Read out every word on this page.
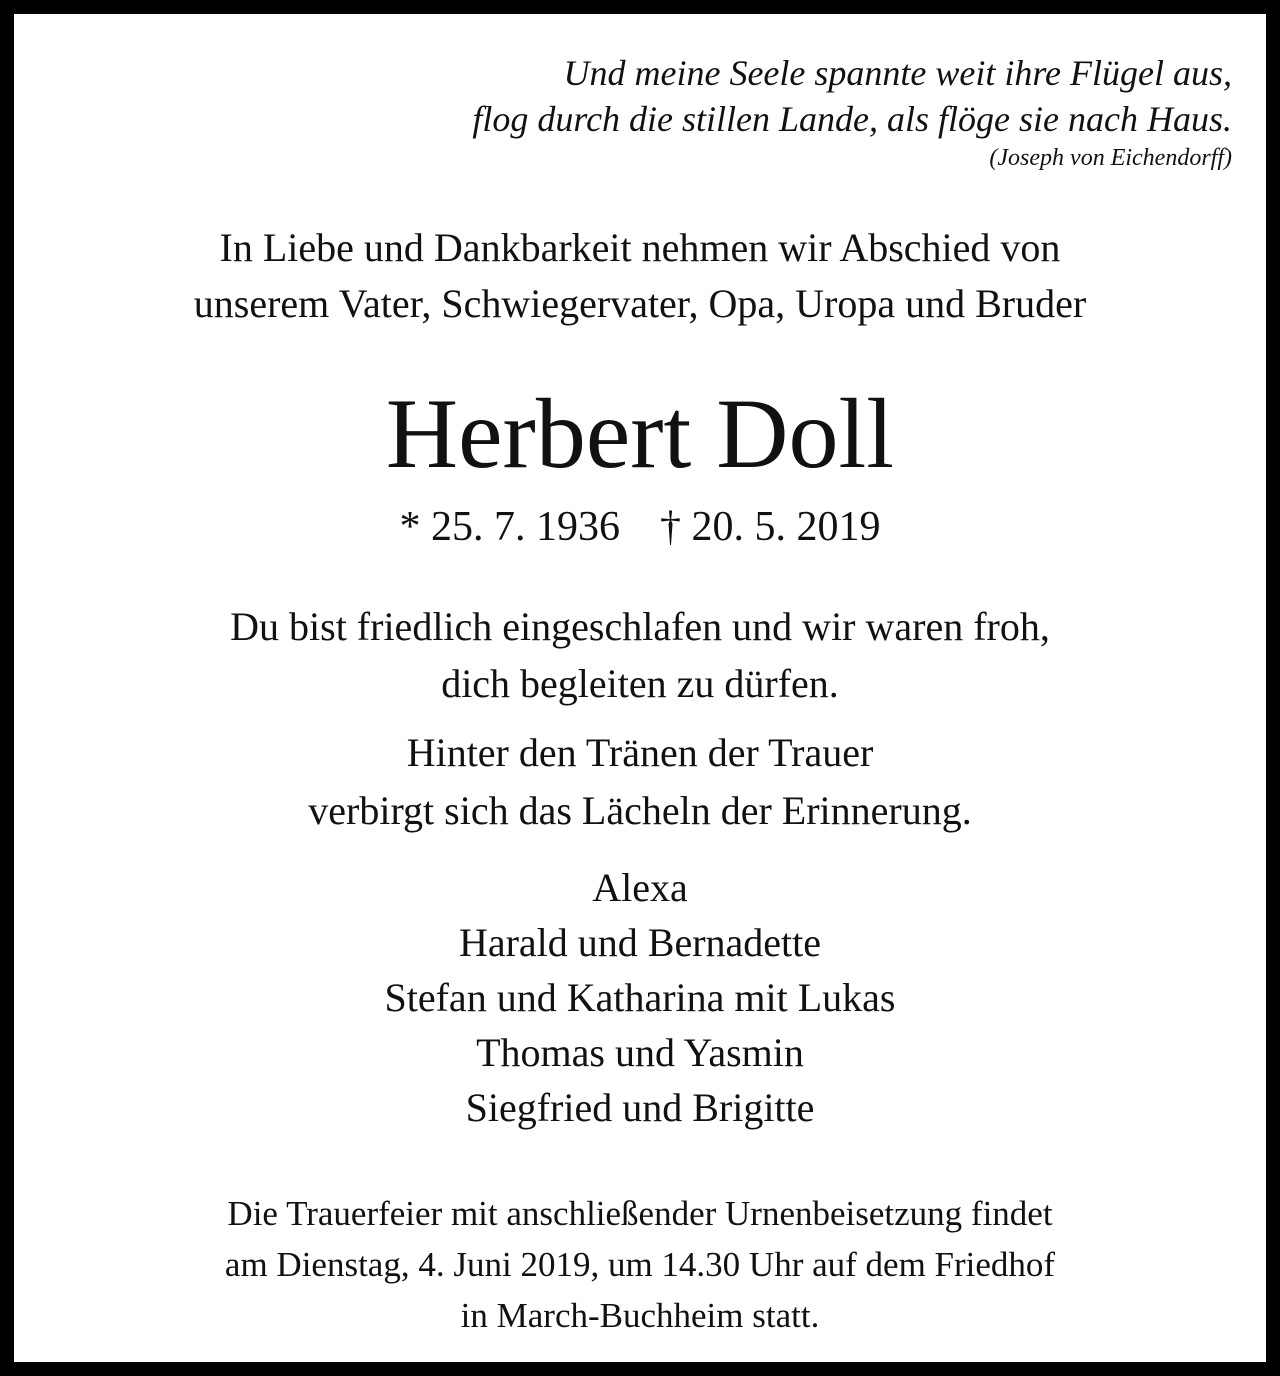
Und meine Seele spannte weit ihre Flügel aus,
flog durch die stillen Lande, als flöge sie nach Haus.
(Joseph von Eichendorff)
In Liebe und Dankbarkeit nehmen wir Abschied von
unserem Vater, Schwiegervater, Opa, Uropa und Bruder
Herbert Doll
* 25. 7. 1936 † 20. 5. 2019
Du bist friedlich eingeschlafen und wir waren froh,
dich begleiten zu dürfen.
Hinter den Tränen der Trauer
verbirgt sich das Lächeln der Erinnerung.
Alexa
Harald und Bernadette
Stefan und Katharina mit Lukas
Thomas und Yasmin
Siegfried und Brigitte
Die Trauerfeier mit anschließender Urnenbeisetzung findet
am Dienstag, 4. Juni 2019, um 14.30 Uhr auf dem Friedhof
in March-Buchheim statt.
